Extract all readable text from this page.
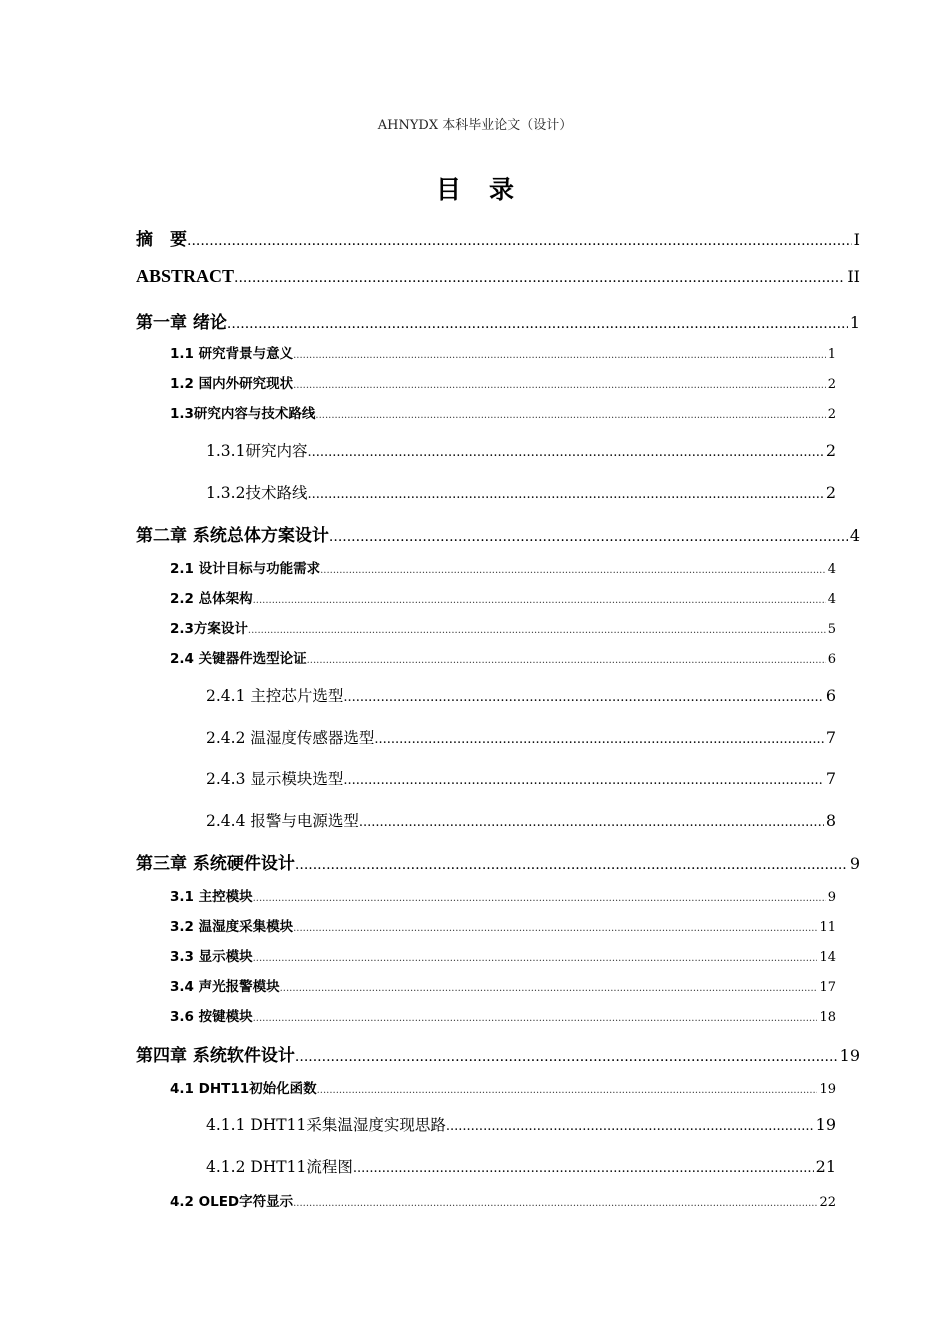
AHNYDX 本科毕业论文（设计）
目录
摘　要 .....	I
ABSTRACT .....	II
第一章 绪论 .....	1
1.1 研究背景与意义 .....	1
1.2 国内外研究现状 .....	2
1.3研究内容与技术路线 .....	2
1.3.1研究内容 .....	2
1.3.2技术路线 .....	2
第二章 系统总体方案设计 .....	4
2.1 设计目标与功能需求 .....	4
2.2 总体架构 .....	4
2.3方案设计 .....	5
2.4 关键器件选型论证 .....	6
2.4.1 主控芯片选型 .....	6
2.4.2 温湿度传感器选型 .....	7
2.4.3 显示模块选型 .....	7
2.4.4 报警与电源选型 .....	8
第三章 系统硬件设计 .....	9
3.1 主控模块 .....	9
3.2 温湿度采集模块 .....	11
3.3 显示模块 .....	14
3.4 声光报警模块 .....	17
3.6 按键模块 .....	18
第四章 系统软件设计 .....	19
4.1 DHT11初始化函数 .....	19
4.1.1 DHT11采集温湿度实现思路 .....	19
4.1.2 DHT11流程图 .....	21
4.2 OLED字符显示 .....	22
